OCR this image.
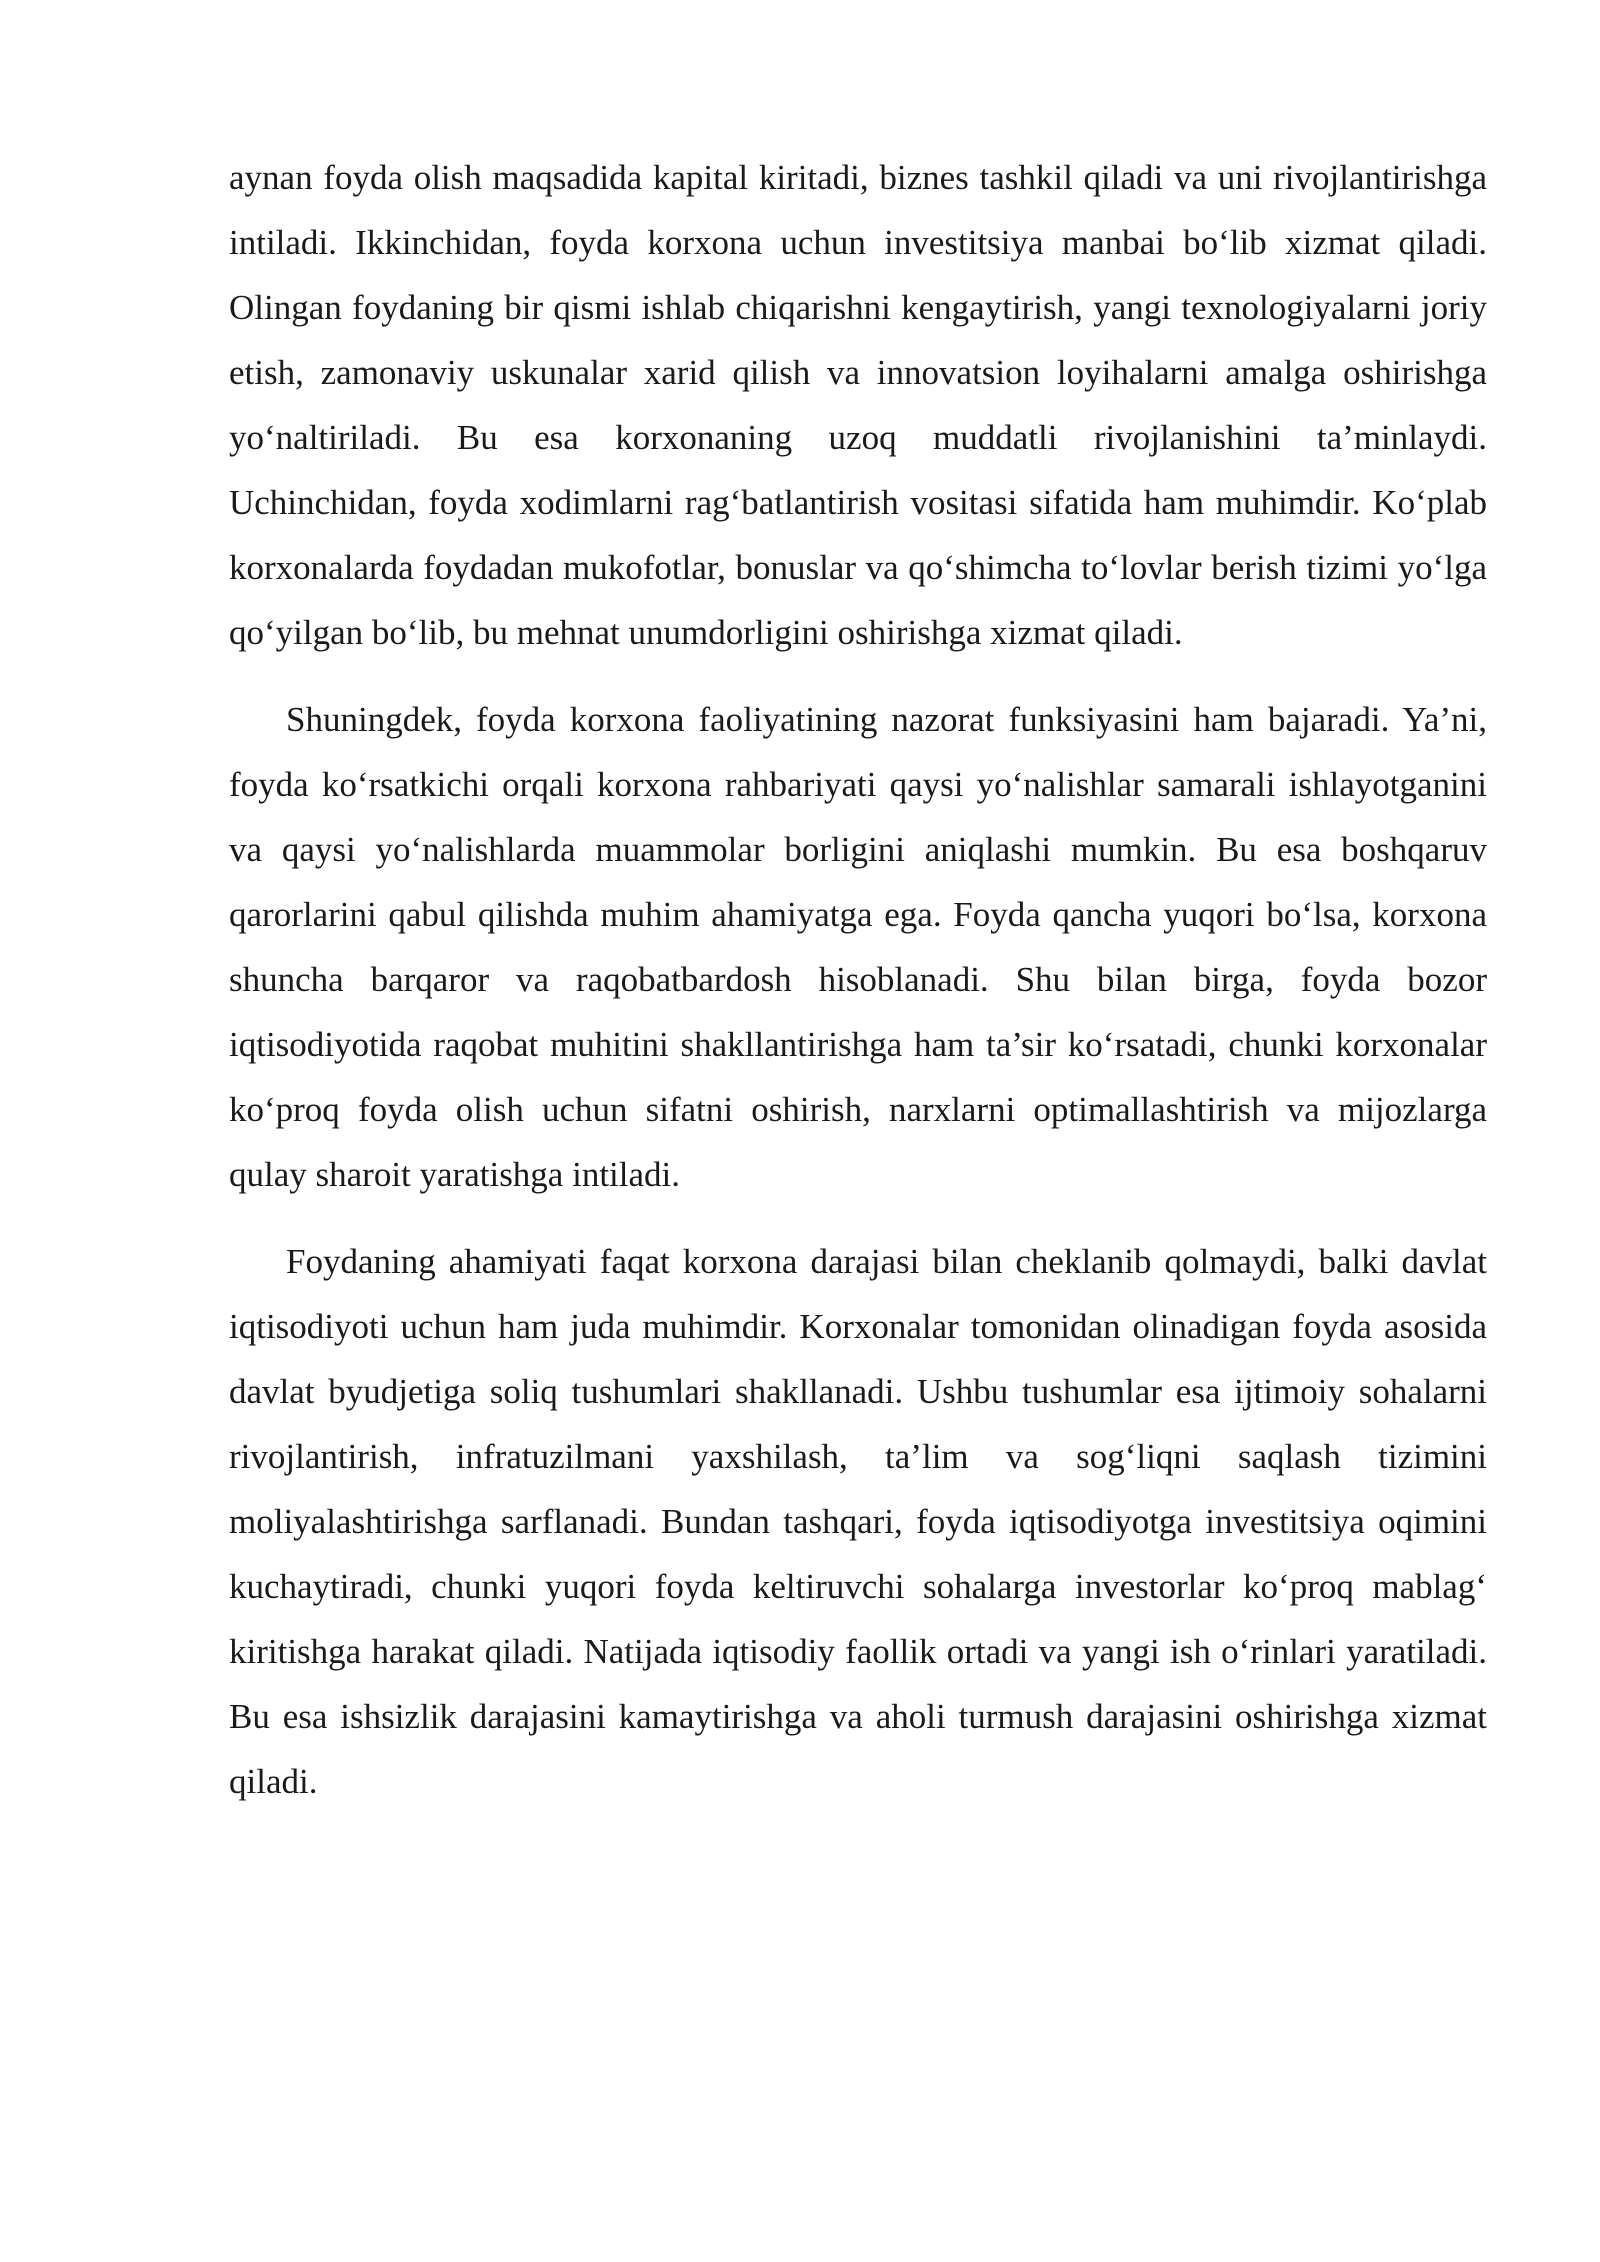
aynan foyda olish maqsadida kapital kiritadi, biznes tashkil qiladi va uni rivojlantirishga intiladi. Ikkinchidan, foyda korxona uchun investitsiya manbai bo‘lib xizmat qiladi. Olingan foydaning bir qismi ishlab chiqarishni kengaytirish, yangi texnologiyalarni joriy etish, zamonaviy uskunalar xarid qilish va innovatsion loyihalarni amalga oshirishga yo‘naltiriladi. Bu esa korxonaning uzoq muddatli rivojlanishini ta’minlaydi. Uchinchidan, foyda xodimlarni rag‘batlantirish vositasi sifatida ham muhimdir. Ko‘plab korxonalarda foydadan mukofotlar, bonuslar va qo‘shimcha to‘lovlar berish tizimi yo‘lga qo‘yilgan bo‘lib, bu mehnat unumdorligini oshirishga xizmat qiladi.

Shuningdek, foyda korxona faoliyatining nazorat funksiyasini ham bajaradi. Ya’ni, foyda ko‘rsatkichi orqali korxona rahbariyati qaysi yo‘nalishlar samarali ishlayotganini va qaysi yo‘nalishlarda muammolar borligini aniqlashi mumkin. Bu esa boshqaruv qarorlarini qabul qilishda muhim ahamiyatga ega. Foyda qancha yuqori bo‘lsa, korxona shuncha barqaror va raqobatbardosh hisoblanadi. Shu bilan birga, foyda bozor iqtisodiyotida raqobat muhitini shakllantirishga ham ta’sir ko‘rsatadi, chunki korxonalar ko‘proq foyda olish uchun sifatni oshirish, narxlarni optimallashtirish va mijozlarga qulay sharoit yaratishga intiladi.

Foydaning ahamiyati faqat korxona darajasi bilan cheklanib qolmaydi, balki davlat iqtisodiyoti uchun ham juda muhimdir. Korxonalar tomonidan olinadigan foyda asosida davlat byudjetiga soliq tushumlari shakllanadi. Ushbu tushumlar esa ijtimoiy sohalarni rivojlantirish, infratuzilmani yaxshilash, ta’lim va sog‘liqni saqlash tizimini moliyalashtirishga sarflanadi. Bundan tashqari, foyda iqtisodiyotga investitsiya oqimini kuchaytiradi, chunki yuqori foyda keltiruvchi sohalarga investorlar ko‘proq mablag‘ kiritishga harakat qiladi. Natijada iqtisodiy faollik ortadi va yangi ish o‘rinlari yaratiladi. Bu esa ishsizlik darajasini kamaytirishga va aholi turmush darajasini oshirishga xizmat qiladi.
